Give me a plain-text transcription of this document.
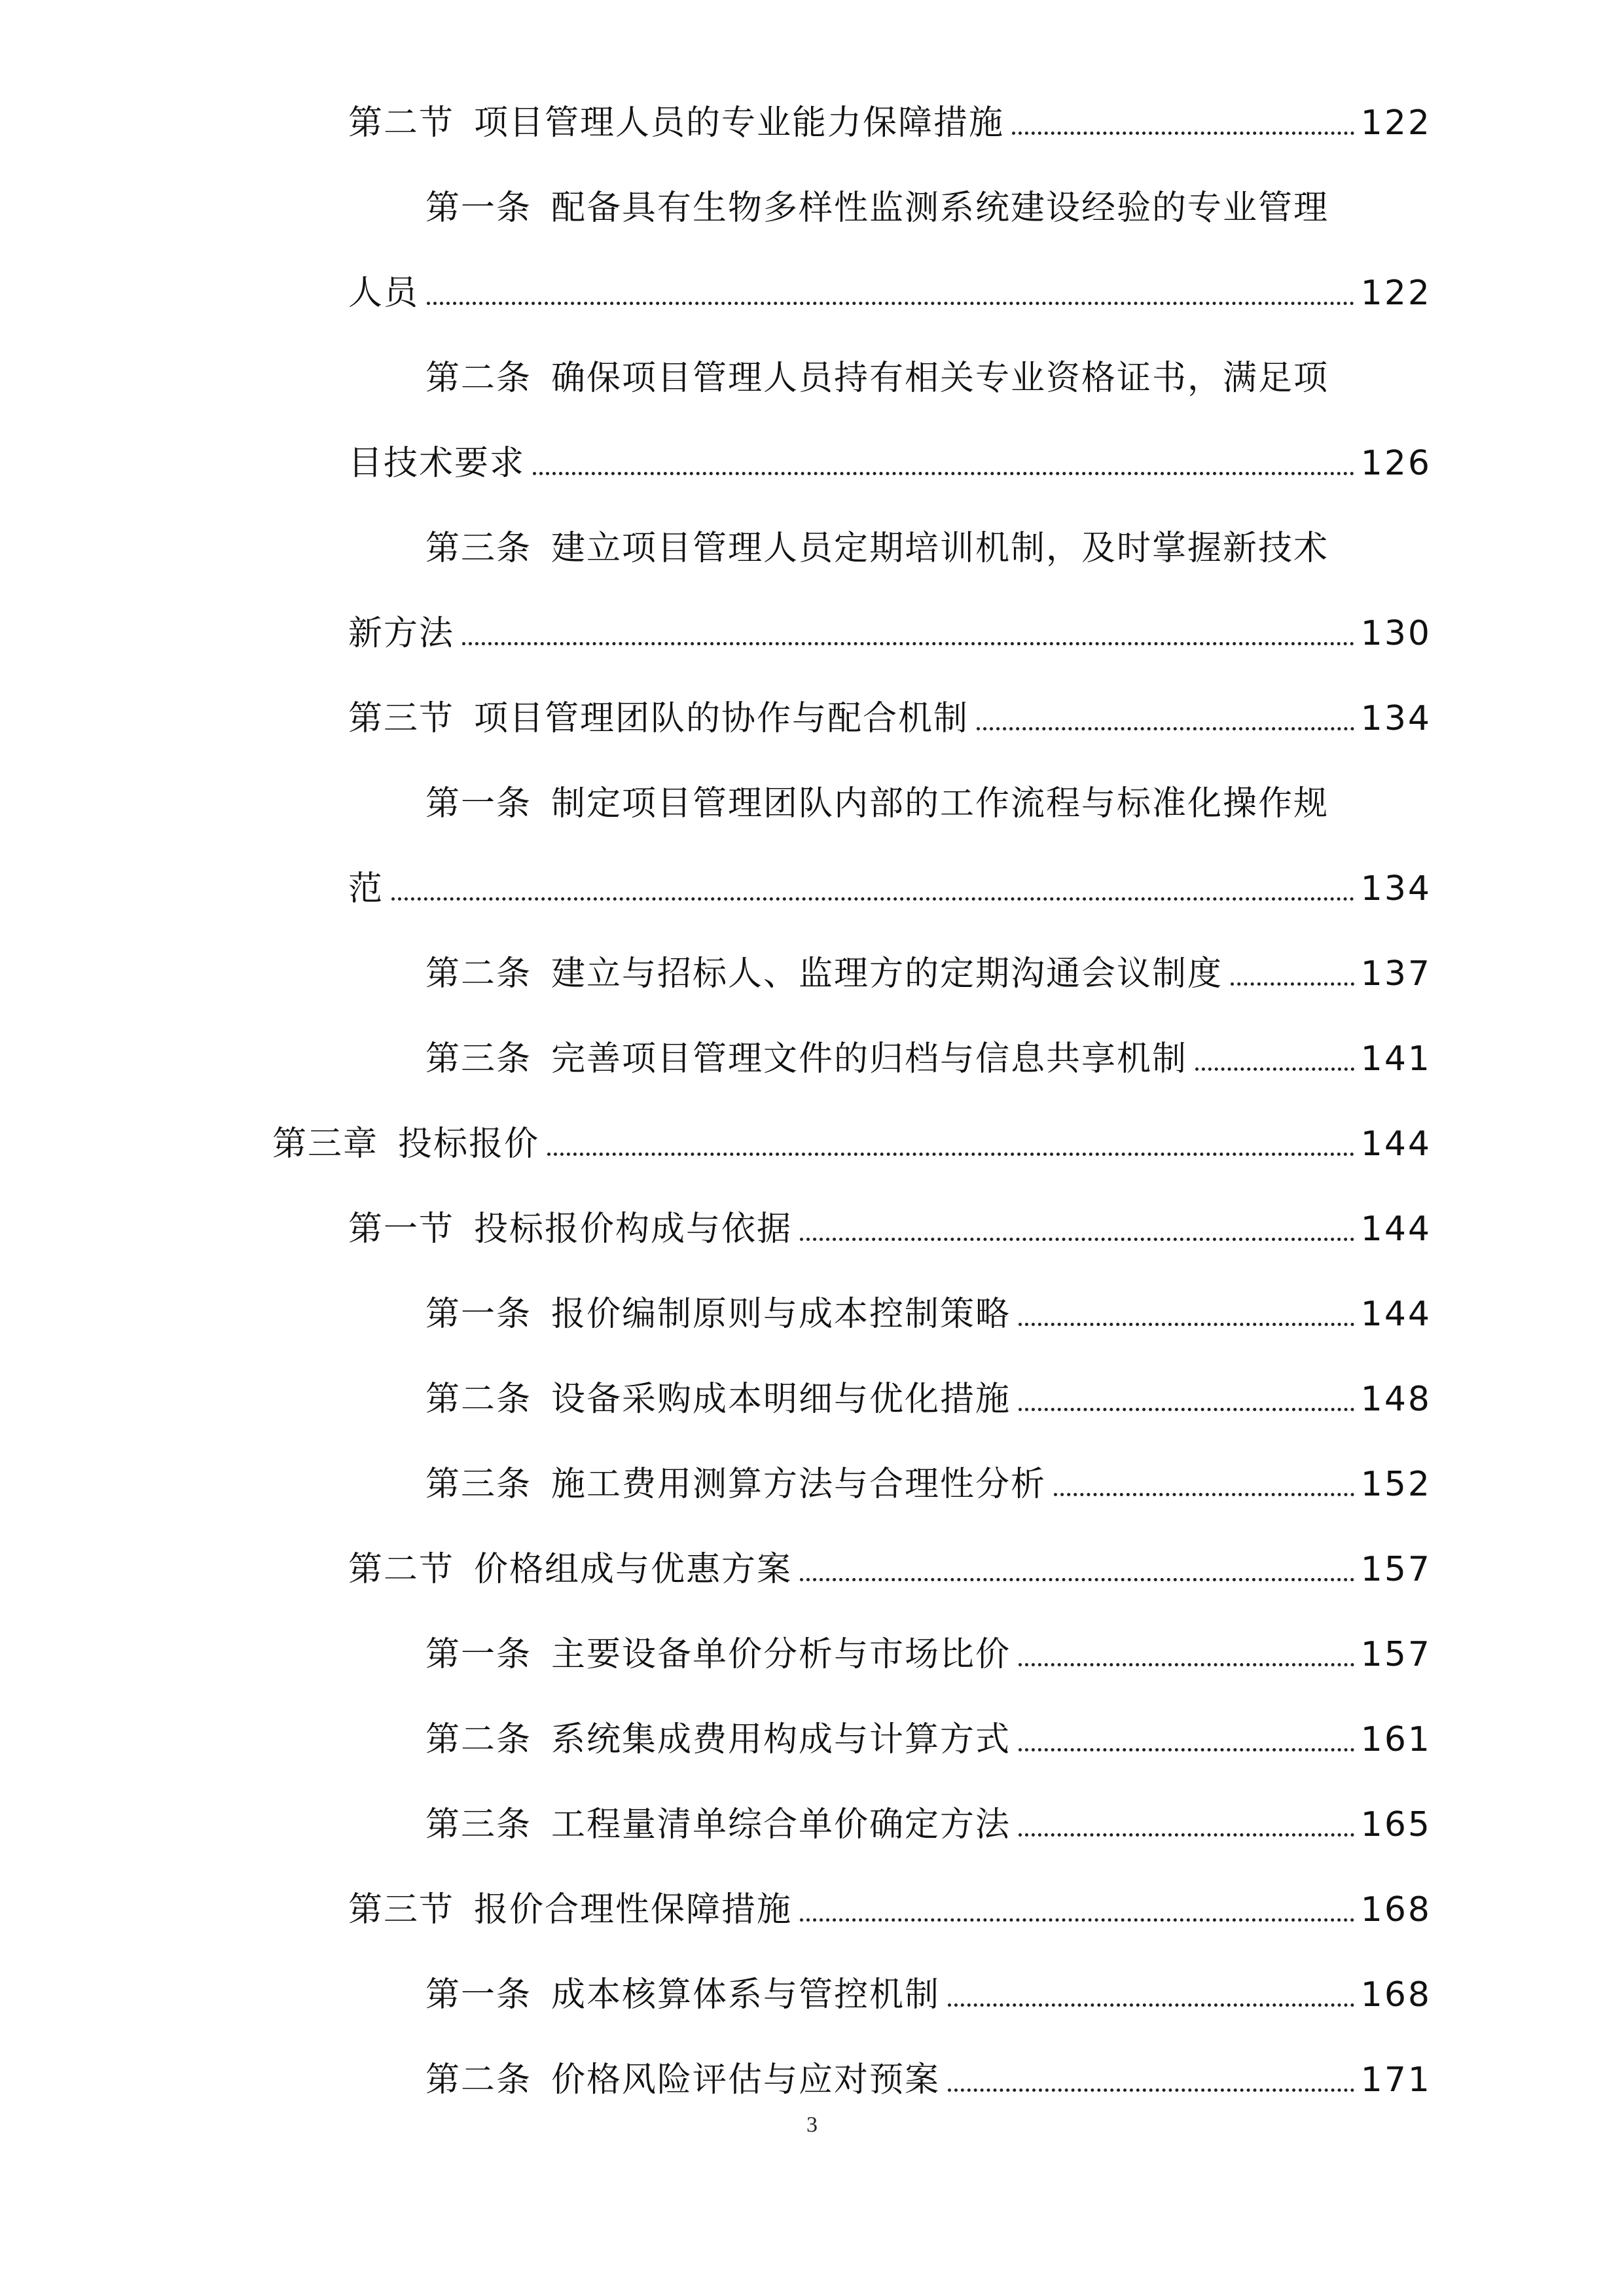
第二节 项目管理人员的专业能力保障措施	122
第一条 配备具有生物多样性监测系统建设经验的专业管理
人员	122
第二条 确保项目管理人员持有相关专业资格证书，满足项
目技术要求	126
第三条 建立项目管理人员定期培训机制，及时掌握新技术
新方法	130
第三节 项目管理团队的协作与配合机制	134
第一条 制定项目管理团队内部的工作流程与标准化操作规
范	134
第二条 建立与招标人、监理方的定期沟通会议制度	137
第三条 完善项目管理文件的归档与信息共享机制	141
第三章 投标报价	144
第一节 投标报价构成与依据	144
第一条 报价编制原则与成本控制策略	144
第二条 设备采购成本明细与优化措施	148
第三条 施工费用测算方法与合理性分析	152
第二节 价格组成与优惠方案	157
第一条 主要设备单价分析与市场比价	157
第二条 系统集成费用构成与计算方式	161
第三条 工程量清单综合单价确定方法	165
第三节 报价合理性保障措施	168
第一条 成本核算体系与管控机制	168
第二条 价格风险评估与应对预案	171
3
